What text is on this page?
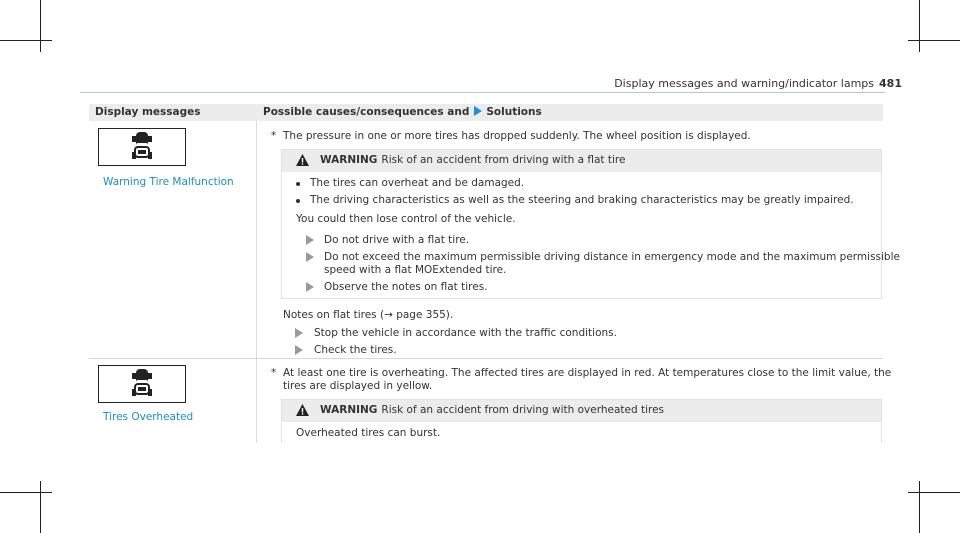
Display messages and warning/indicator lamps 481
Display messages	Possible causes/consequences and Solutions
Warning Tire Malfunction
* The pressure in one or more tires has dropped suddenly. The wheel position is displayed.
WARNING Risk of an accident from driving with a flat tire
The tires can overheat and be damaged.
The driving characteristics as well as the steering and braking characteristics may be greatly impaired.
You could then lose control of the vehicle.
Do not drive with a flat tire.
Do not exceed the maximum permissible driving distance in emergency mode and the maximum permissible
speed with a flat MOExtended tire.
Observe the notes on flat tires.
Notes on flat tires (→ page 355).
Stop the vehicle in accordance with the traffic conditions.
Check the tires.
Tires Overheated
* At least one tire is overheating. The affected tires are displayed in red. At temperatures close to the limit value, the
tires are displayed in yellow.
WARNING Risk of an accident from driving with overheated tires
Overheated tires can burst.
